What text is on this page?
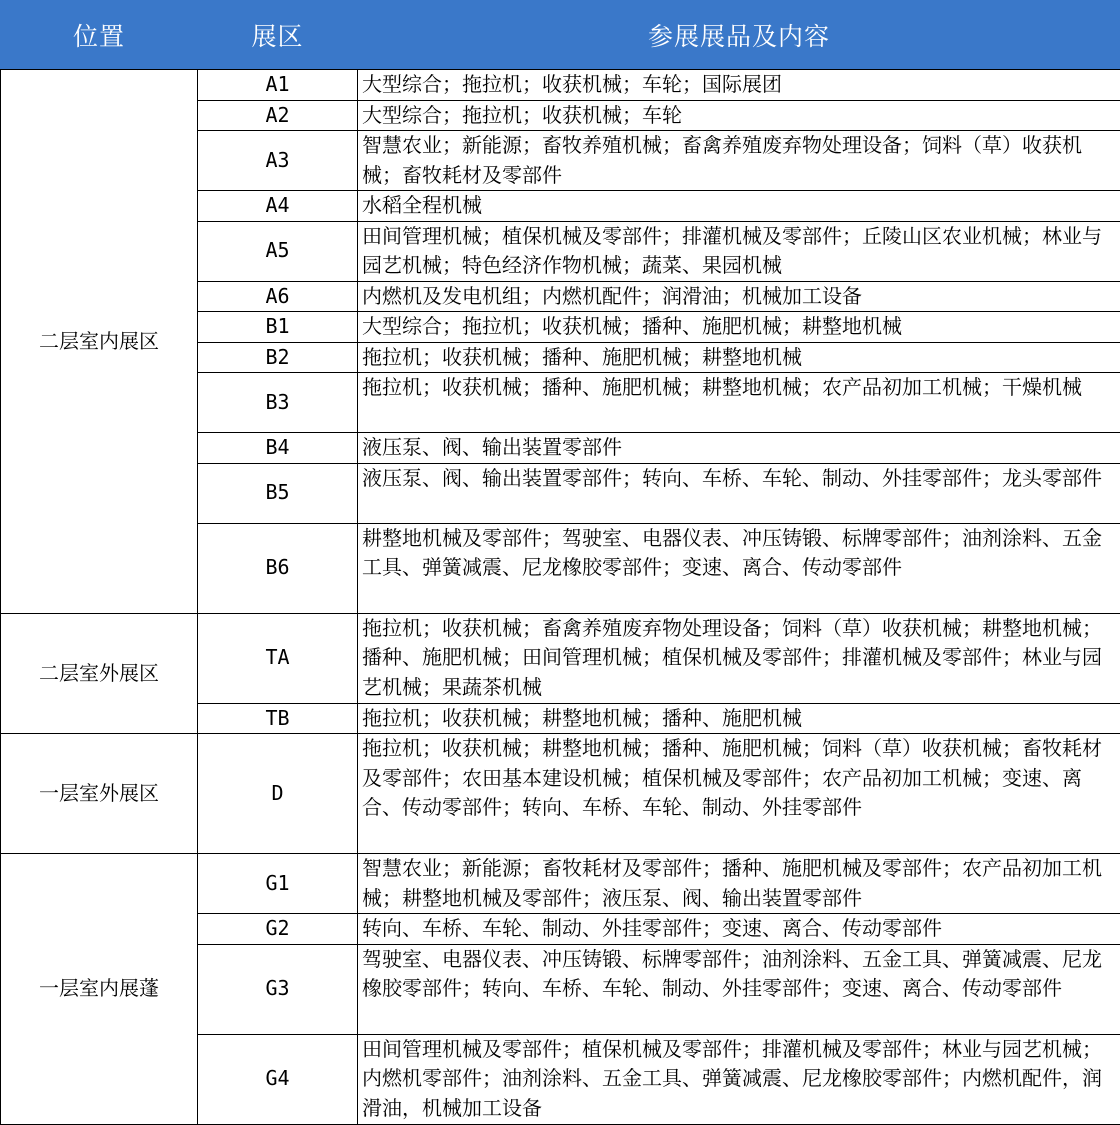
位置	展区	参展展品及内容
二层室内展区	A1	大型综合；拖拉机；收获机械；车轮；国际展团
	A2	大型综合；拖拉机；收获机械；车轮
	A3	智慧农业；新能源；畜牧养殖机械；畜禽养殖废弃物处理设备；饲料（草）收获机械；畜牧耗材及零部件
	A4	水稻全程机械
	A5	田间管理机械；植保机械及零部件；排灌机械及零部件；丘陵山区农业机械；林业与园艺机械；特色经济作物机械；蔬菜、果园机械
	A6	内燃机及发电机组；内燃机配件；润滑油；机械加工设备
	B1	大型综合；拖拉机；收获机械；播种、施肥机械；耕整地机械
	B2	拖拉机；收获机械；播种、施肥机械；耕整地机械
	B3	拖拉机；收获机械；播种、施肥机械；耕整地机械；农产品初加工机械；干燥机械
	B4	液压泵、阀、输出装置零部件
	B5	液压泵、阀、输出装置零部件；转向、车桥、车轮、制动、外挂零部件；龙头零部件
	B6	耕整地机械及零部件；驾驶室、电器仪表、冲压铸锻、标牌零部件；油剂涂料、五金工具、弹簧减震、尼龙橡胶零部件；变速、离合、传动零部件
二层室外展区	TA	拖拉机；收获机械；畜禽养殖废弃物处理设备；饲料（草）收获机械；耕整地机械；播种、施肥机械；田间管理机械；植保机械及零部件；排灌机械及零部件；林业与园艺机械；果蔬茶机械
	TB	拖拉机；收获机械；耕整地机械；播种、施肥机械
一层室外展区	D	拖拉机；收获机械；耕整地机械；播种、施肥机械；饲料（草）收获机械；畜牧耗材及零部件；农田基本建设机械；植保机械及零部件；农产品初加工机械；变速、离合、传动零部件；转向、车桥、车轮、制动、外挂零部件
一层室内展蓬	G1	智慧农业；新能源；畜牧耗材及零部件；播种、施肥机械及零部件；农产品初加工机械；耕整地机械及零部件；液压泵、阀、输出装置零部件
	G2	转向、车桥、车轮、制动、外挂零部件；变速、离合、传动零部件
	G3	驾驶室、电器仪表、冲压铸锻、标牌零部件；油剂涂料、五金工具、弹簧减震、尼龙橡胶零部件；转向、车桥、车轮、制动、外挂零部件；变速、离合、传动零部件
	G4	田间管理机械及零部件；植保机械及零部件；排灌机械及零部件；林业与园艺机械；内燃机零部件；油剂涂料、五金工具、弹簧减震、尼龙橡胶零部件；内燃机配件，润滑油，机械加工设备
